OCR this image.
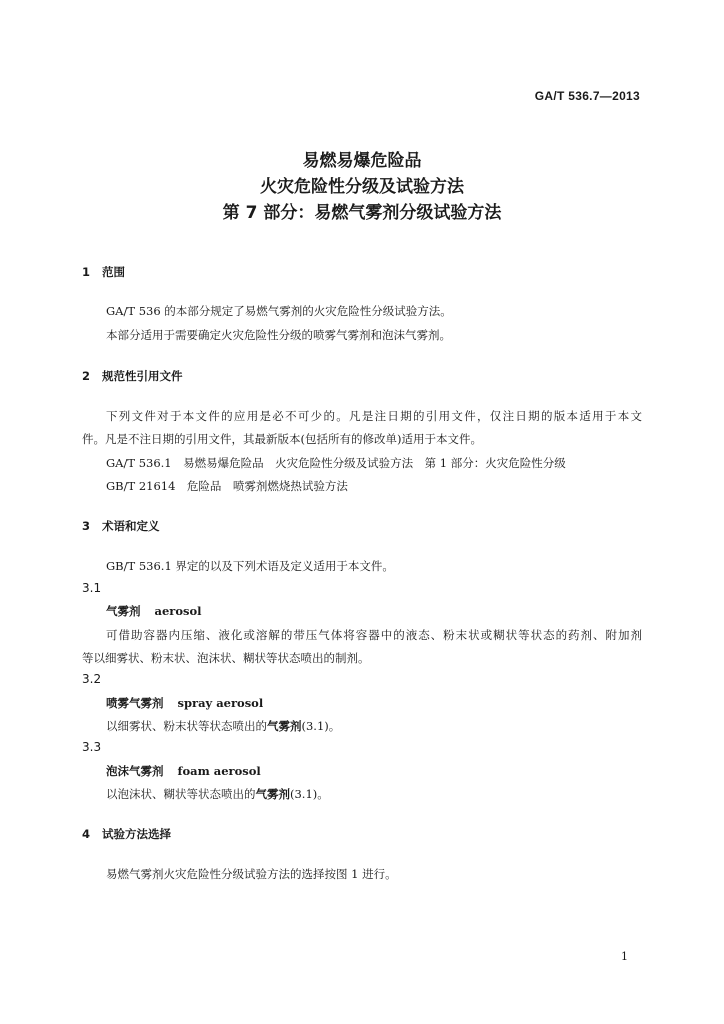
GA/T 536.7—2013
易燃易爆危险品
火灾危险性分级及试验方法
第 7 部分：易燃气雾剂分级试验方法
1 范围
GA/T 536 的本部分规定了易燃气雾剂的火灾危险性分级试验方法。
本部分适用于需要确定火灾危险性分级的喷雾气雾剂和泡沫气雾剂。
2 规范性引用文件
下列文件对于本文件的应用是必不可少的。凡是注日期的引用文件，仅注日期的版本适用于本文
件。凡是不注日期的引用文件，其最新版本(包括所有的修改单)适用于本文件。
GA/T 536.1　易燃易爆危险品　火灾危险性分级及试验方法　第 1 部分：火灾危险性分级
GB/T 21614　危险品　喷雾剂燃烧热试验方法
3 术语和定义
GB/T 536.1 界定的以及下列术语及定义适用于本文件。
3.1
气雾剂 aerosol
可借助容器内压缩、液化或溶解的带压气体将容器中的液态、粉末状或糊状等状态的药剂、附加剂
等以细雾状、粉末状、泡沫状、糊状等状态喷出的制剂。
3.2
喷雾气雾剂 spray aerosol
以细雾状、粉末状等状态喷出的气雾剂(3.1)。
3.3
泡沫气雾剂 foam aerosol
以泡沫状、糊状等状态喷出的气雾剂(3.1)。
4 试验方法选择
易燃气雾剂火灾危险性分级试验方法的选择按图 1 进行。
1
